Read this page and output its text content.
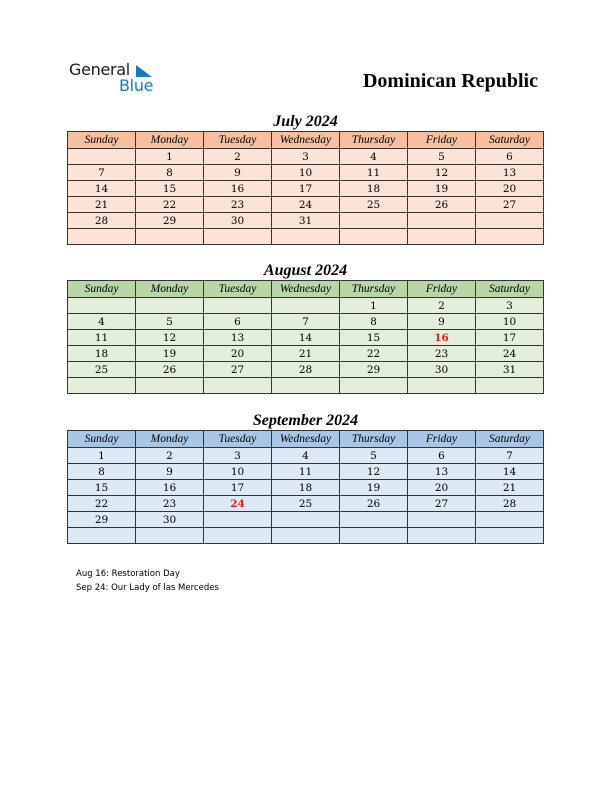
General
Blue	Dominican Republic
July 2024
Sunday	Monday	Tuesday	Wednesday	Thursday	Friday	Saturday
	1	2	3	4	5	6
7	8	9	10	11	12	13
14	15	16	17	18	19	20
21	22	23	24	25	26	27
28	29	30	31			

August 2024
Sunday	Monday	Tuesday	Wednesday	Thursday	Friday	Saturday
				1	2	3
4	5	6	7	8	9	10
11	12	13	14	15	16	17
18	19	20	21	22	23	24
25	26	27	28	29	30	31

September 2024
Sunday	Monday	Tuesday	Wednesday	Thursday	Friday	Saturday
1	2	3	4	5	6	7
8	9	10	11	12	13	14
15	16	17	18	19	20	21
22	23	24	25	26	27	28
29	30					

Aug 16: Restoration Day
Sep 24: Our Lady of las Mercedes
